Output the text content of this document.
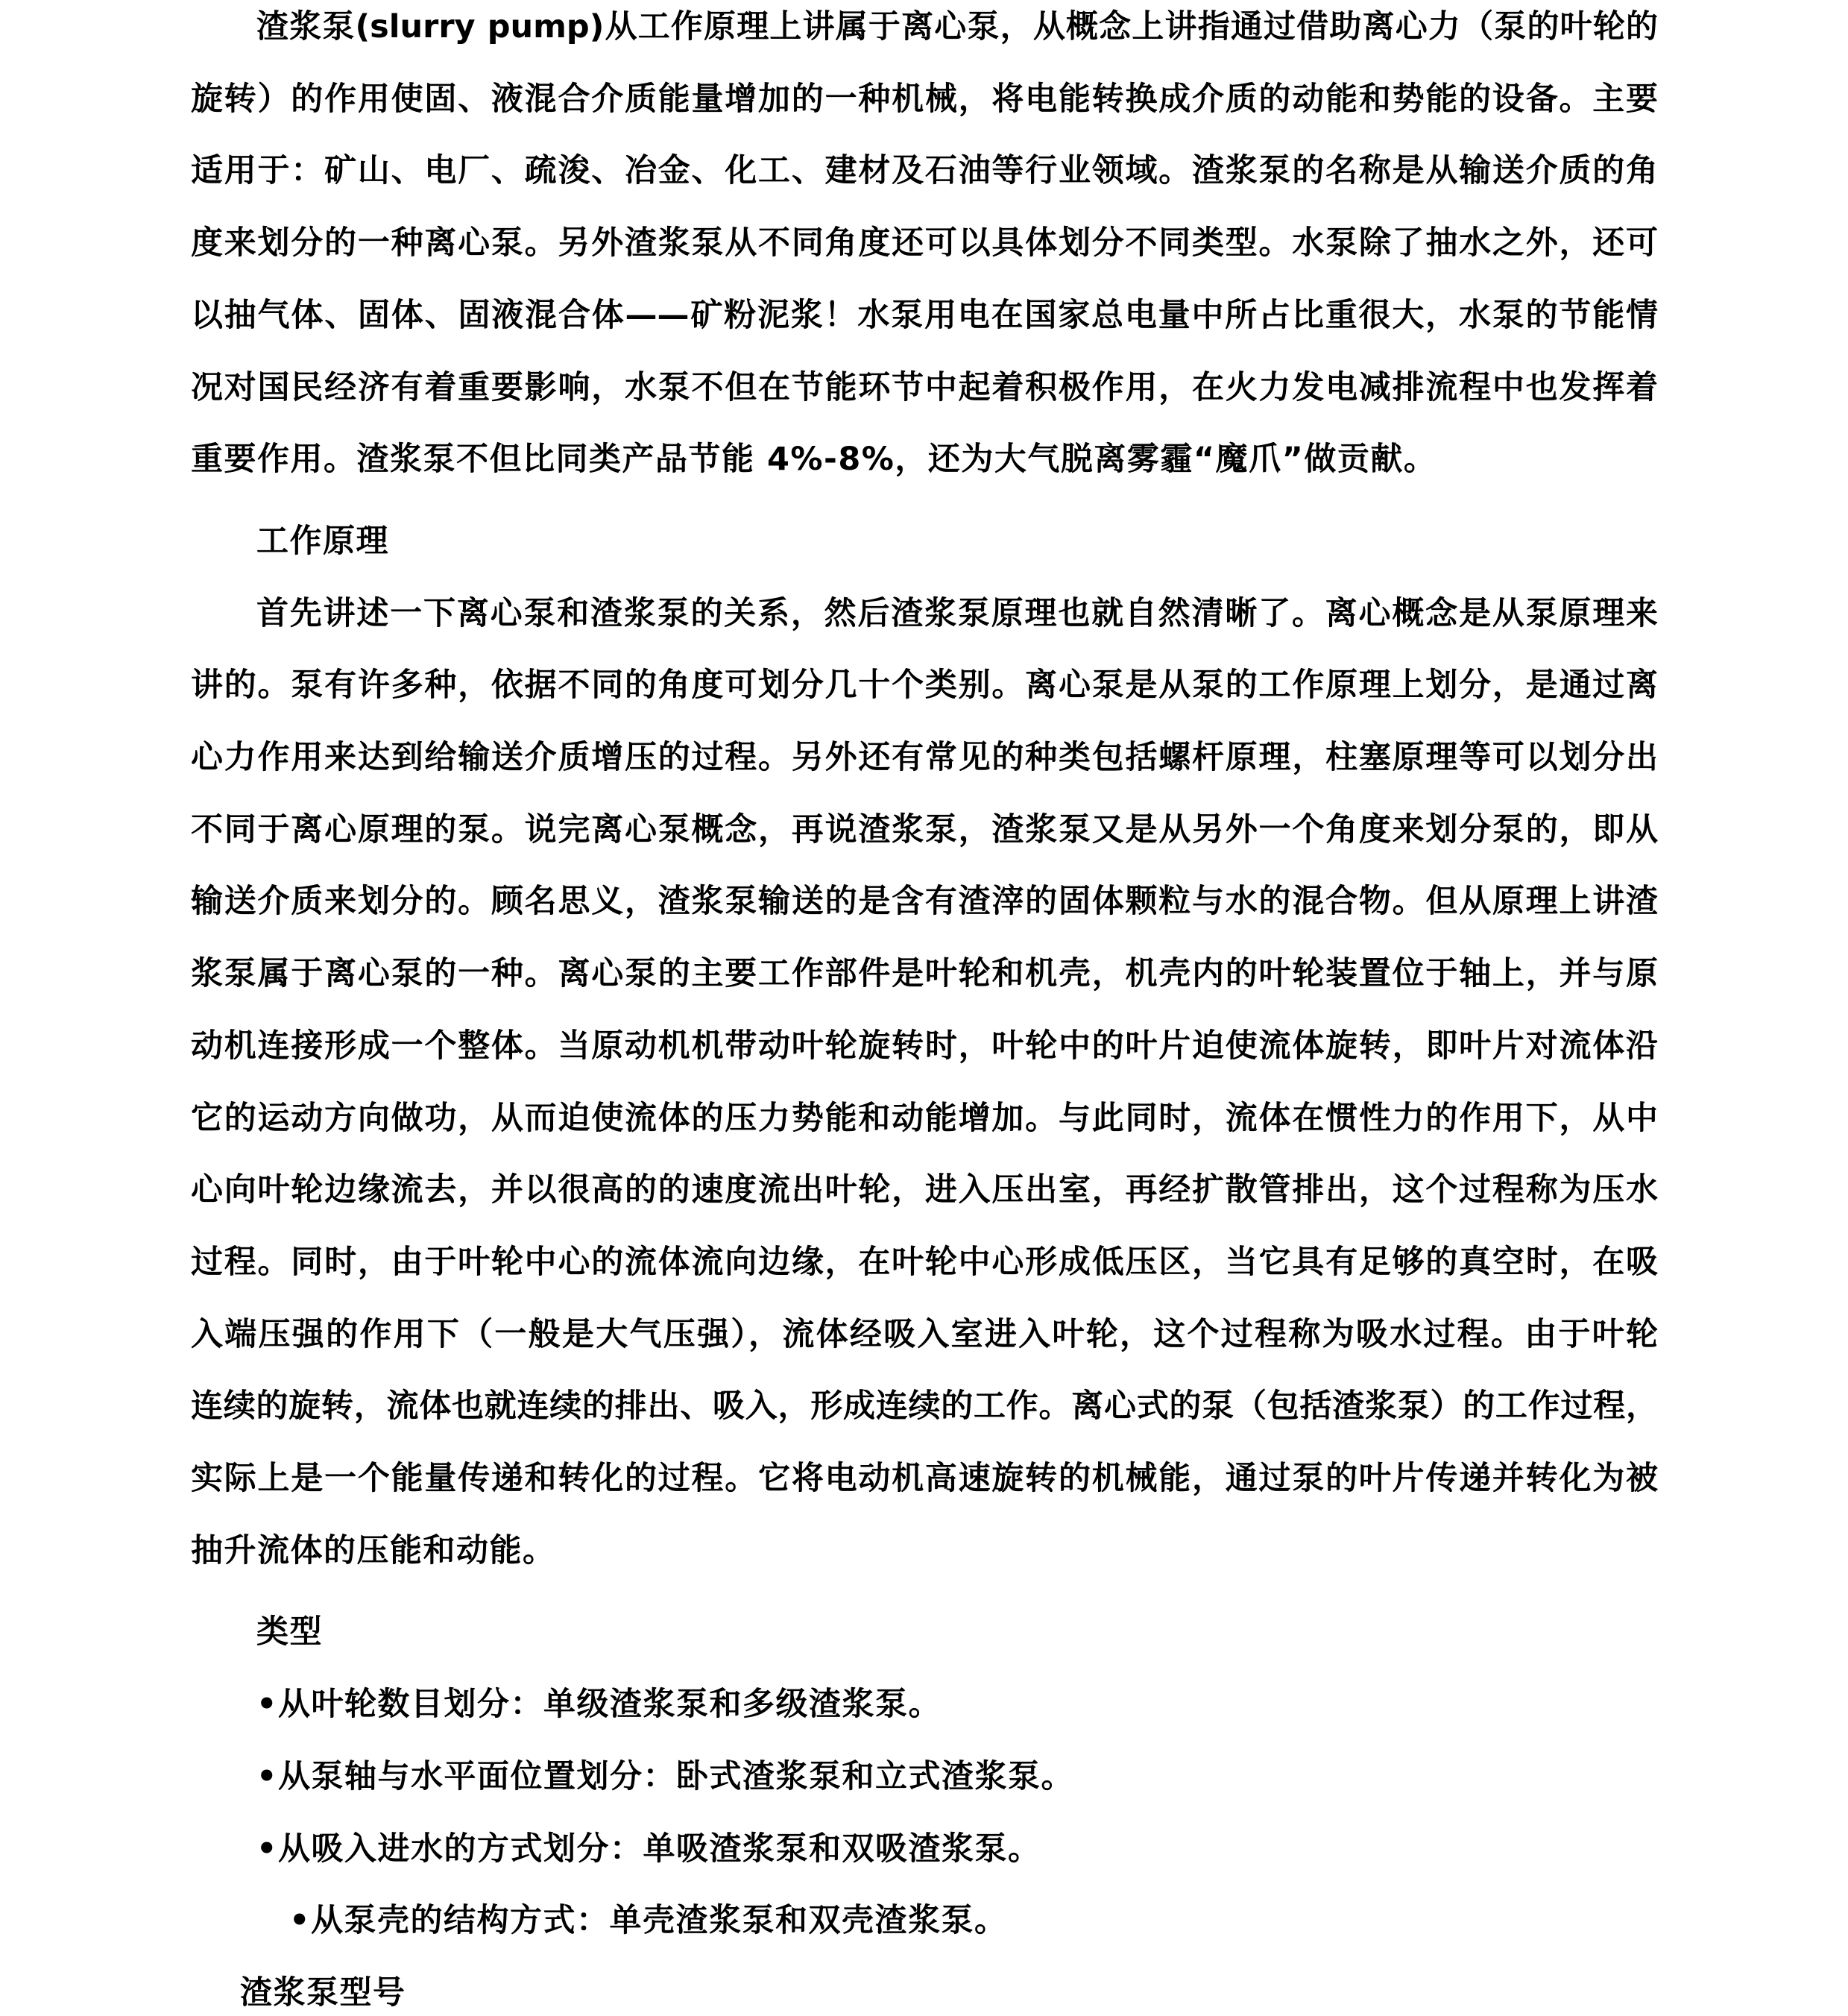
渣浆泵(slurry pump)从工作原理上讲属于离心泵，从概念上讲指通过借助离心力（泵的叶轮的
旋转）的作用使固、液混合介质能量增加的一种机械，将电能转换成介质的动能和势能的设备。主要
适用于：矿山、电厂、疏浚、冶金、化工、建材及石油等行业领域。渣浆泵的名称是从输送介质的角
度来划分的一种离心泵。另外渣浆泵从不同角度还可以具体划分不同类型。水泵除了抽水之外，还可
以抽气体、固体、固液混合体——矿粉泥浆！水泵用电在国家总电量中所占比重很大，水泵的节能情
况对国民经济有着重要影响，水泵不但在节能环节中起着积极作用，在火力发电减排流程中也发挥着
重要作用。渣浆泵不但比同类产品节能 4%-8%，还为大气脱离雾霾“魔爪”做贡献。
工作原理
首先讲述一下离心泵和渣浆泵的关系，然后渣浆泵原理也就自然清晰了。离心概念是从泵原理来
讲的。泵有许多种，依据不同的角度可划分几十个类别。离心泵是从泵的工作原理上划分，是通过离
心力作用来达到给输送介质增压的过程。另外还有常见的种类包括螺杆原理，柱塞原理等可以划分出
不同于离心原理的泵。说完离心泵概念，再说渣浆泵，渣浆泵又是从另外一个角度来划分泵的，即从
输送介质来划分的。顾名思义，渣浆泵输送的是含有渣滓的固体颗粒与水的混合物。但从原理上讲渣
浆泵属于离心泵的一种。离心泵的主要工作部件是叶轮和机壳，机壳内的叶轮装置位于轴上，并与原
动机连接形成一个整体。当原动机机带动叶轮旋转时，叶轮中的叶片迫使流体旋转，即叶片对流体沿
它的运动方向做功，从而迫使流体的压力势能和动能增加。与此同时，流体在惯性力的作用下，从中
心向叶轮边缘流去，并以很高的的速度流出叶轮，进入压出室，再经扩散管排出，这个过程称为压水
过程。同时，由于叶轮中心的流体流向边缘，在叶轮中心形成低压区，当它具有足够的真空时，在吸
入端压强的作用下（一般是大气压强），流体经吸入室进入叶轮，这个过程称为吸水过程。由于叶轮
连续的旋转，流体也就连续的排出、吸入，形成连续的工作。离心式的泵（包括渣浆泵）的工作过程，
实际上是一个能量传递和转化的过程。它将电动机高速旋转的机械能，通过泵的叶片传递并转化为被
抽升流体的压能和动能。
类型
•从叶轮数目划分：单级渣浆泵和多级渣浆泵。
•从泵轴与水平面位置划分：卧式渣浆泵和立式渣浆泵。
•从吸入进水的方式划分：单吸渣浆泵和双吸渣浆泵。
•从泵壳的结构方式：单壳渣浆泵和双壳渣浆泵。
渣浆泵型号
